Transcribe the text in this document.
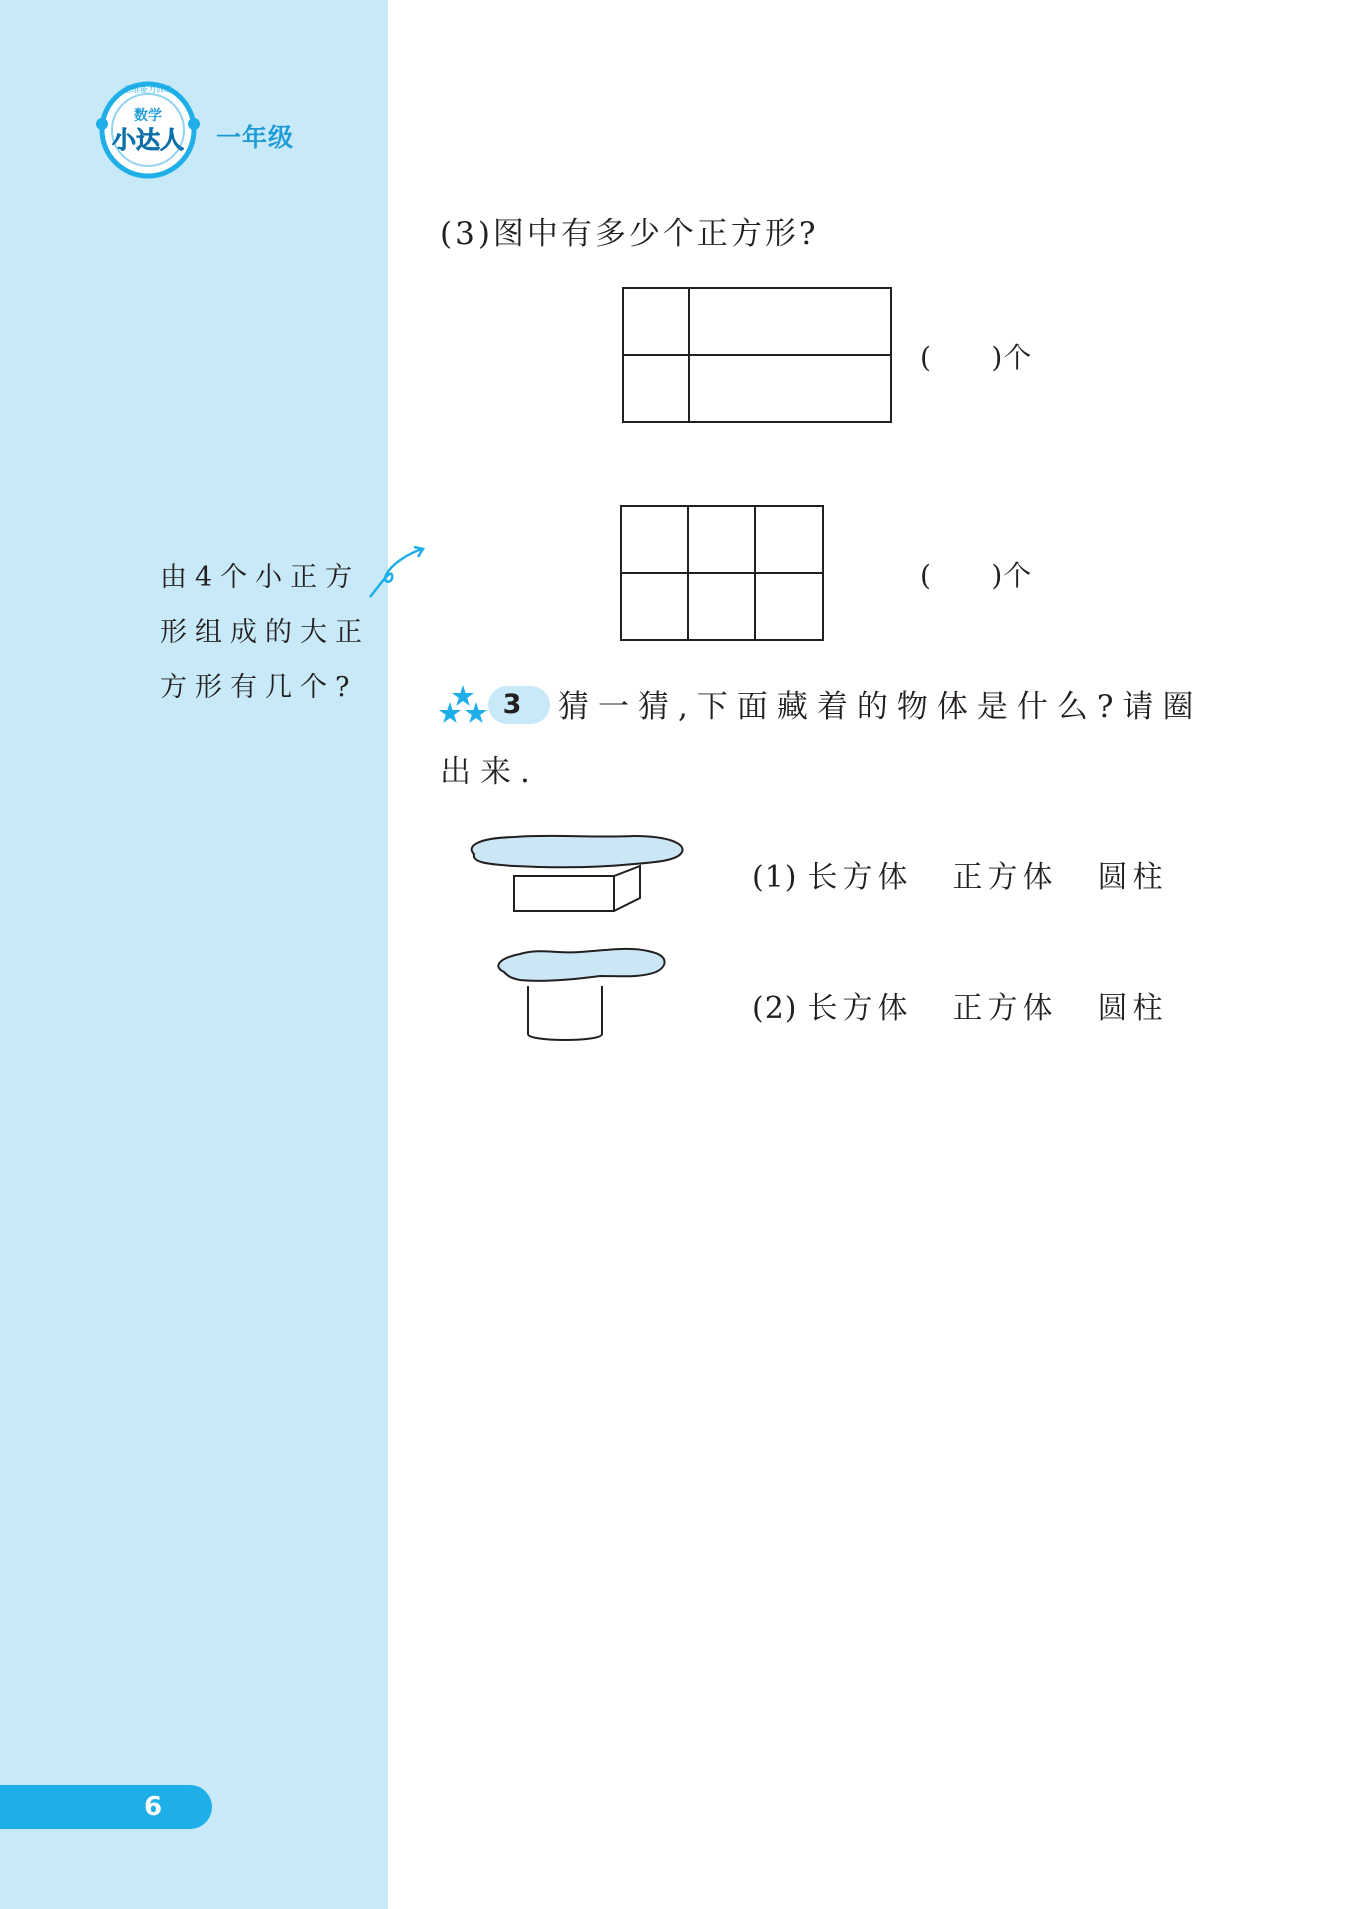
思维能力训练
数学
小达人 一年级
由4个小正方
形组成的大正
方形有几个?
6
(3)图中有多少个正方形?
(      )个
(      )个
3	猜一猜,下面藏着的物体是什么?请圈
出来.
(1) 长方体 正方体 圆柱
(2) 长方体 正方体 圆柱
